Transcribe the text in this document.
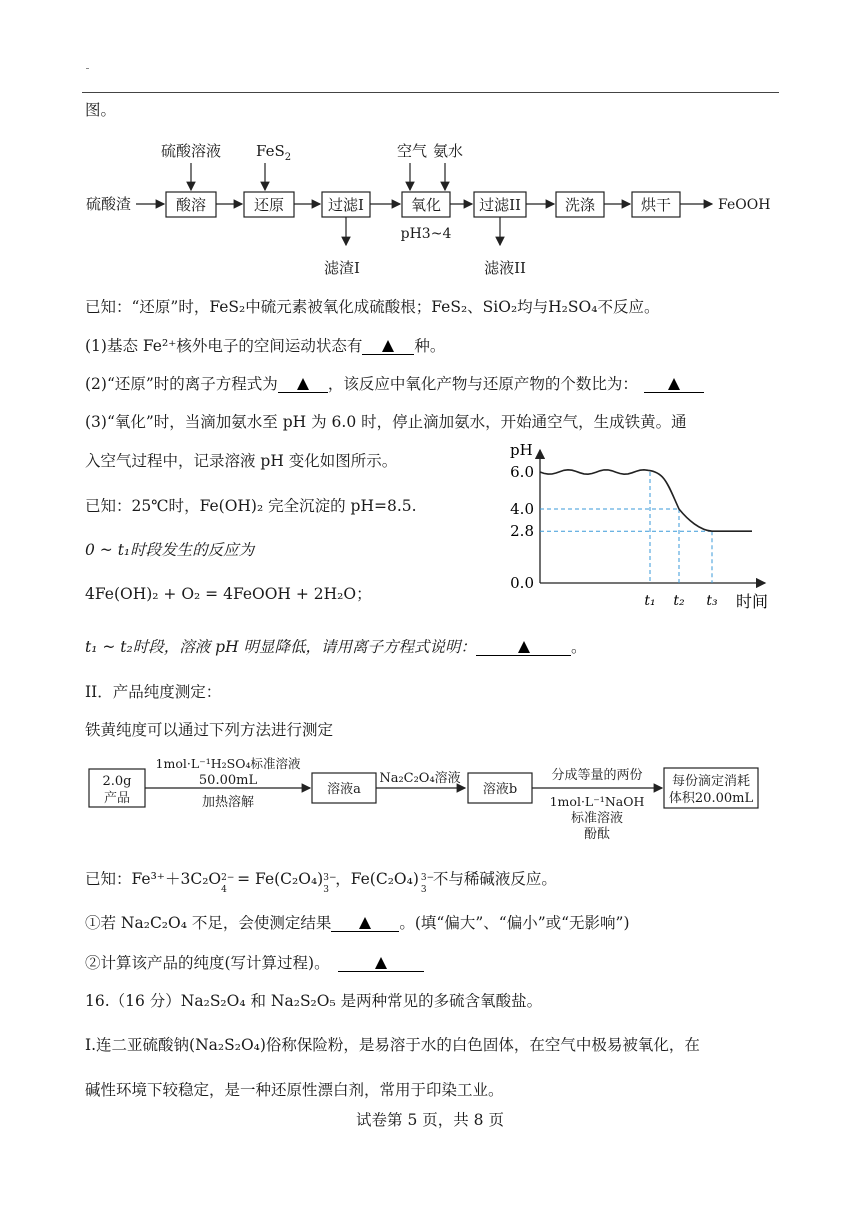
图。
硫酸渣	酸溶	还原	过滤I	氧化	过滤II	洗涤	烘干	FeOOH
硫酸溶液 FeS$_2$	空气 氨水
pH3~4
滤渣I	滤液II
已知：“还原”时，FeS₂中硫元素被氧化成硫酸根；FeS₂、SiO₂均与H₂SO₄不反应。
(1)基态 Fe²⁺核外电子的空间运动状态有	种。
(2)“还原”时的离子方程式为	，该反应中氧化产物与还原产物的个数比为：
(3)“氧化”时，当滴加氨水至 pH 为 6.0 时，停止滴加氨水，开始通空气，生成铁黄。通
入空气过程中，记录溶液 pH 变化如图所示。
已知：25℃时，Fe(OH)₂ 完全沉淀的 pH=8.5.
0 ~ t₁时段发生的反应为
4Fe(OH)₂ + O₂ = 4FeOOH + 2H₂O；
pH
时间
6.0
4.0
2.8
0.0
t₁ t₂ t₃
t₁ ~ t₂时段，溶液 pH 明显降低，请用离子方程式说明：	。
II．产品纯度测定：
铁黄纯度可以通过下列方法进行测定
2.0g
产品
1mol·L⁻¹H₂SO₄标准溶液
50.00mL
加热溶解
溶液a
Na₂C₂O₄溶液
溶液b
分成等量的两份
1mol·L⁻¹NaOH
标准溶液
酚酞
每份滴定消耗
体积20.00mL
已知：Fe³⁺＋3C₂O 2−
4
= Fe(C₂O₄) 3−
3
，Fe(C₂O₄) 3−
3
不与稀碱液反应。
①若 Na₂C₂O₄ 不足，会使测定结果	。(填“偏大”、“偏小”或“无影响”)
②计算该产品的纯度(写计算过程)。
16.（16 分）Na₂S₂O₄ 和 Na₂S₂O₅ 是两种常见的多硫含氧酸盐。
I.连二亚硫酸钠(Na₂S₂O₄)俗称保险粉，是易溶于水的白色固体，在空气中极易被氧化，在
碱性环境下较稳定，是一种还原性漂白剂，常用于印染工业。
试卷第 5 页，共 8 页
